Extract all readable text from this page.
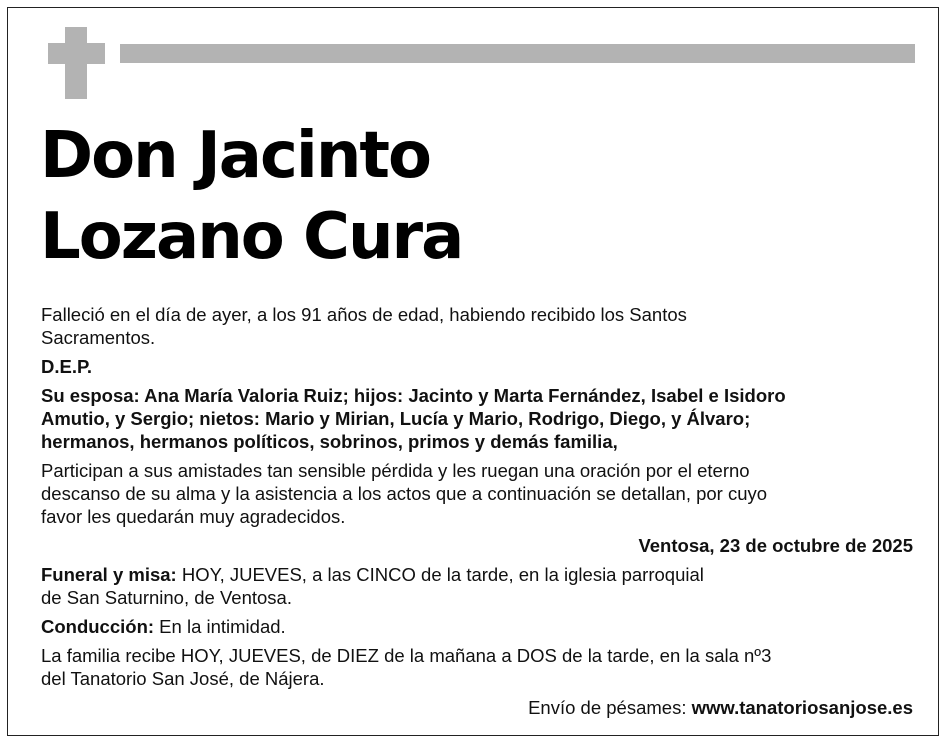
Don Jacinto
Lozano Cura

Falleció en el día de ayer, a los 91 años de edad, habiendo recibido los Santos

Sacramentos.

D.E.P.

Su esposa: Ana María Valoria Ruiz; hijos: Jacinto y Marta Fernández, Isabel e Isidoro

Amutio, y Sergio; nietos: Mario y Mirian, Lucía y Mario, Rodrigo, Diego, y Álvaro;

hermanos, hermanos políticos, sobrinos, primos y demás familia,

Participan a sus amistades tan sensible pérdida y les ruegan una oración por el eterno

descanso de su alma y la asistencia a los actos que a continuación se detallan, por cuyo

favor les quedarán muy agradecidos.

Ventosa, 23 de octubre de 2025

Funeral y misa: HOY, JUEVES, a las CINCO de la tarde, en la iglesia parroquial

de San Saturnino, de Ventosa.

Conducción: En la intimidad.

La familia recibe HOY, JUEVES, de DIEZ de la mañana a DOS de la tarde, en la sala nº3

del Tanatorio San José, de Nájera.

Envío de pésames: www.tanatoriosanjose.es
